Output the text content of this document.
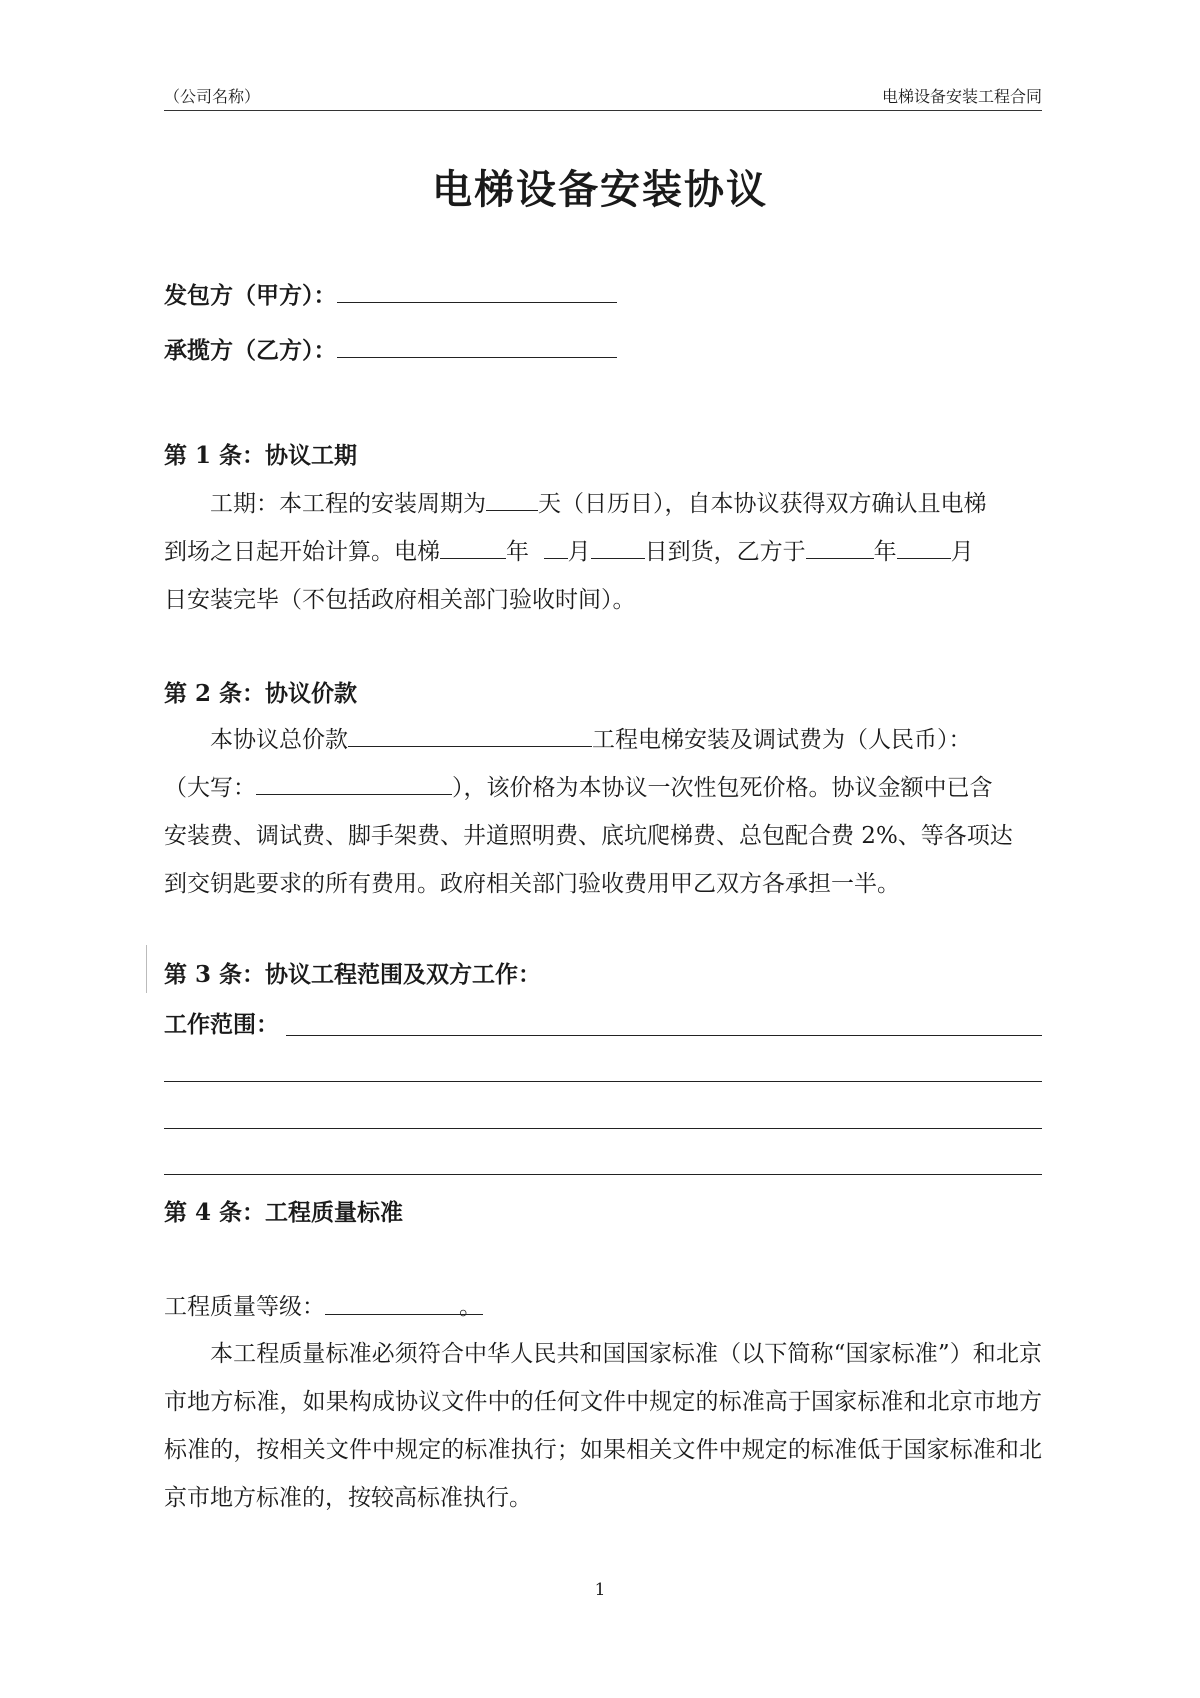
（公司名称）	电梯设备安装工程合同
电梯设备安装协议
发包方（甲方）：
承揽方（乙方）：
第 1 条：协议工期
工期：本工程的安装周期为 天（日历日），自本协议获得双方确认且电梯
到场之日起开始计算。电梯	年 月 日到货，乙方于	年 月
日安装完毕（不包括政府相关部门验收时间）。
第 2 条：协议价款
本协议总价款	工程电梯安装及调试费为（人民币）：
（大写：	），该价格为本协议一次性包死价格。协议金额中已含
安装费、调试费、脚手架费、井道照明费、底坑爬梯费、总包配合费 2%、等各项达
到交钥匙要求的所有费用。政府相关部门验收费用甲乙双方各承担一半。
第 3 条：协议工程范围及双方工作：
工作范围：
第 4 条：工程质量标准
工程质量等级：	。
本工程质量标准必须符合中华人民共和国国家标准（以下简称“国家标准”）和北京市地方标准，如果构成协议文件中的任何文件中规定的标准高于国家标准和北京市地方标准的，按相关文件中规定的标准执行；如果相关文件中规定的标准低于国家标准和北京市地方标准的，按较高标准执行。
1
